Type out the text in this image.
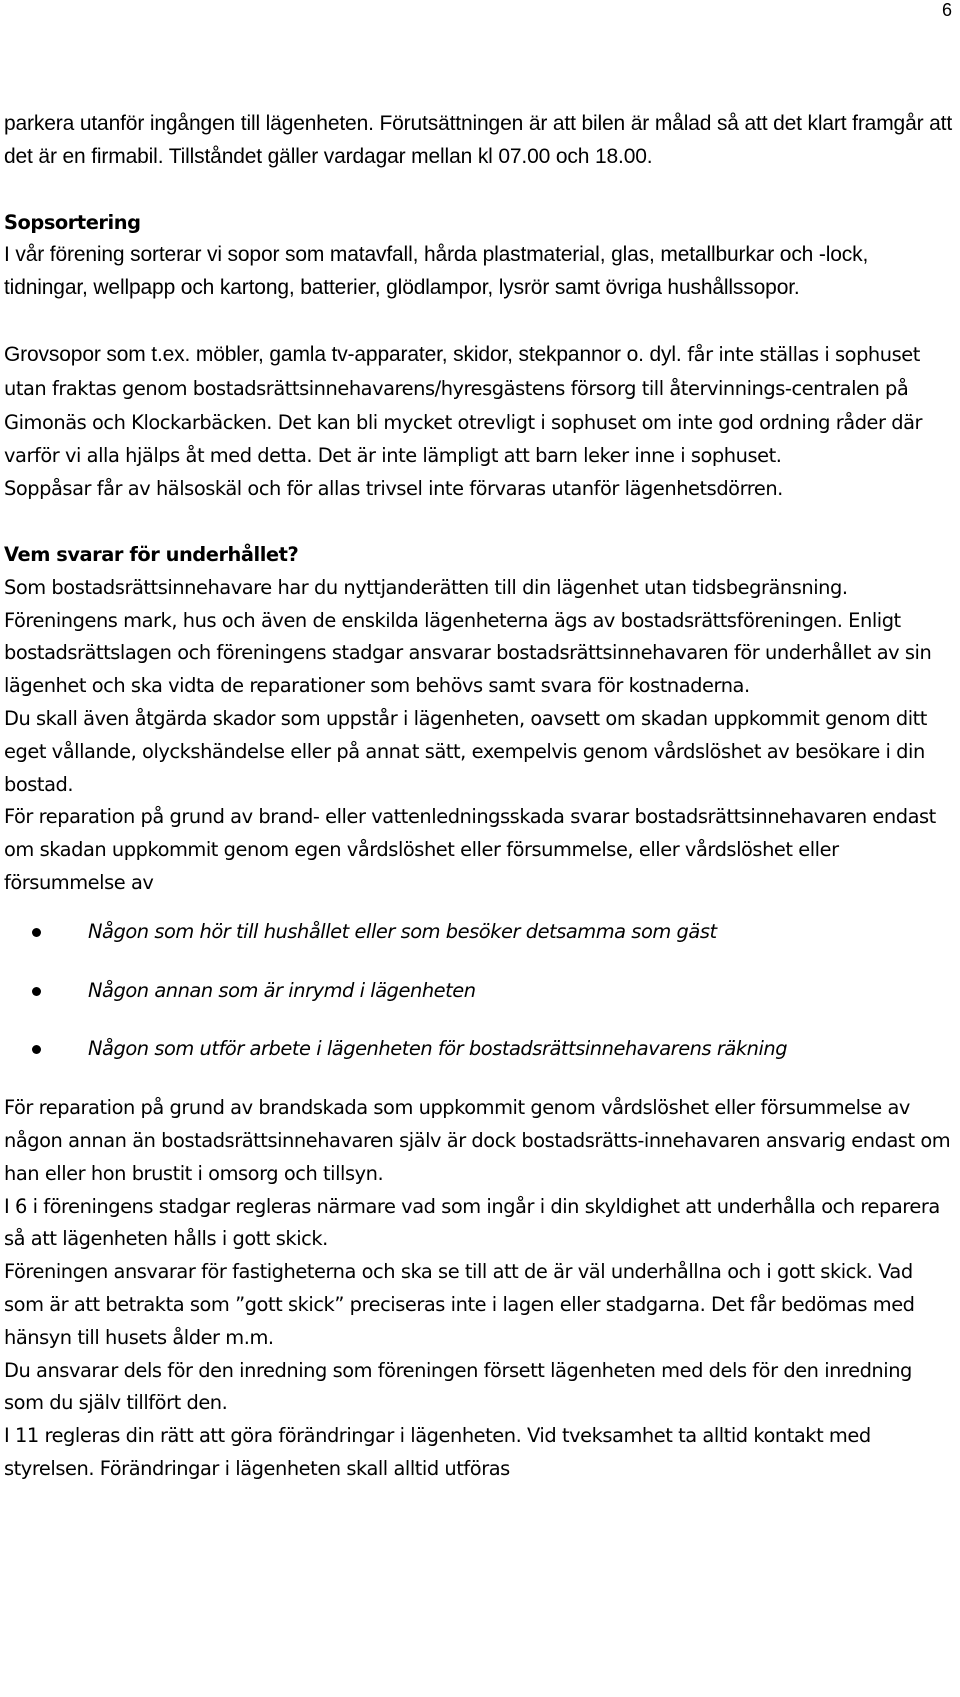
6

parkera utanför ingången till lägenheten. Förutsättningen är att bilen är målad så att det klart framgår att det är en firmabil. Tillståndet gäller vardagar mellan kl 07.00 och 18.00.

Sopsortering

I vår förening sorterar vi sopor som matavfall, hårda plastmaterial, glas, metallburkar och -lock, tidningar, wellpapp och kartong, batterier, glödlampor, lysrör samt övriga hushållssopor.

Grovsopor som t.ex. möbler, gamla tv-apparater, skidor, stekpannor o. dyl. får inte ställas i sophuset utan fraktas genom bostadsrättsinnehavarens/hyresgästens försorg till återvinnings-centralen på Gimonäs och Klockarbäcken. Det kan bli mycket otrevligt i sophuset om inte god ordning råder där varför vi alla hjälps åt med detta. Det är inte lämpligt att barn leker inne i sophuset.

Soppåsar får av hälsoskäl och för allas trivsel inte förvaras utanför lägenhetsdörren.

Vem svarar för underhållet?

Som bostadsrättsinnehavare har du nyttjanderätten till din lägenhet utan tidsbegränsning. Föreningens mark, hus och även de enskilda lägenheterna ägs av bostadsrättsföreningen. Enligt bostadsrättslagen och föreningens stadgar ansvarar bostadsrättsinnehavaren för underhållet av sin lägenhet och ska vidta de reparationer som behövs samt svara för kostnaderna.

Du skall även åtgärda skador som uppstår i lägenheten, oavsett om skadan uppkommit genom ditt eget vållande, olyckshändelse eller på annat sätt, exempelvis genom vårdslöshet av besökare i din bostad.

För reparation på grund av brand- eller vattenledningsskada svarar bostadsrättsinnehavaren endast om skadan uppkommit genom egen vårdslöshet eller försummelse, eller vårdslöshet eller försummelse av

Någon som hör till hushållet eller som besöker detsamma som gäst
Någon annan som är inrymd i lägenheten
Någon som utför arbete i lägenheten för bostadsrättsinnehavarens räkning

För reparation på grund av brandskada som uppkommit genom vårdslöshet eller försummelse av någon annan än bostadsrättsinnehavaren själv är dock bostadsrätts-innehavaren ansvarig endast om han eller hon brustit i omsorg och tillsyn.

I 6 i föreningens stadgar regleras närmare vad som ingår i din skyldighet att underhålla och reparera så att lägenheten hålls i gott skick.

Föreningen ansvarar för fastigheterna och ska se till att de är väl underhållna och i gott skick. Vad som är att betrakta som ”gott skick” preciseras inte i lagen eller stadgarna. Det får bedömas med hänsyn till husets ålder m.m.

Du ansvarar dels för den inredning som föreningen försett lägenheten med dels för den inredning som du själv tillfört den.

I 11 regleras din rätt att göra förändringar i lägenheten. Vid tveksamhet ta alltid kontakt med styrelsen. Förändringar i lägenheten skall alltid utföras
